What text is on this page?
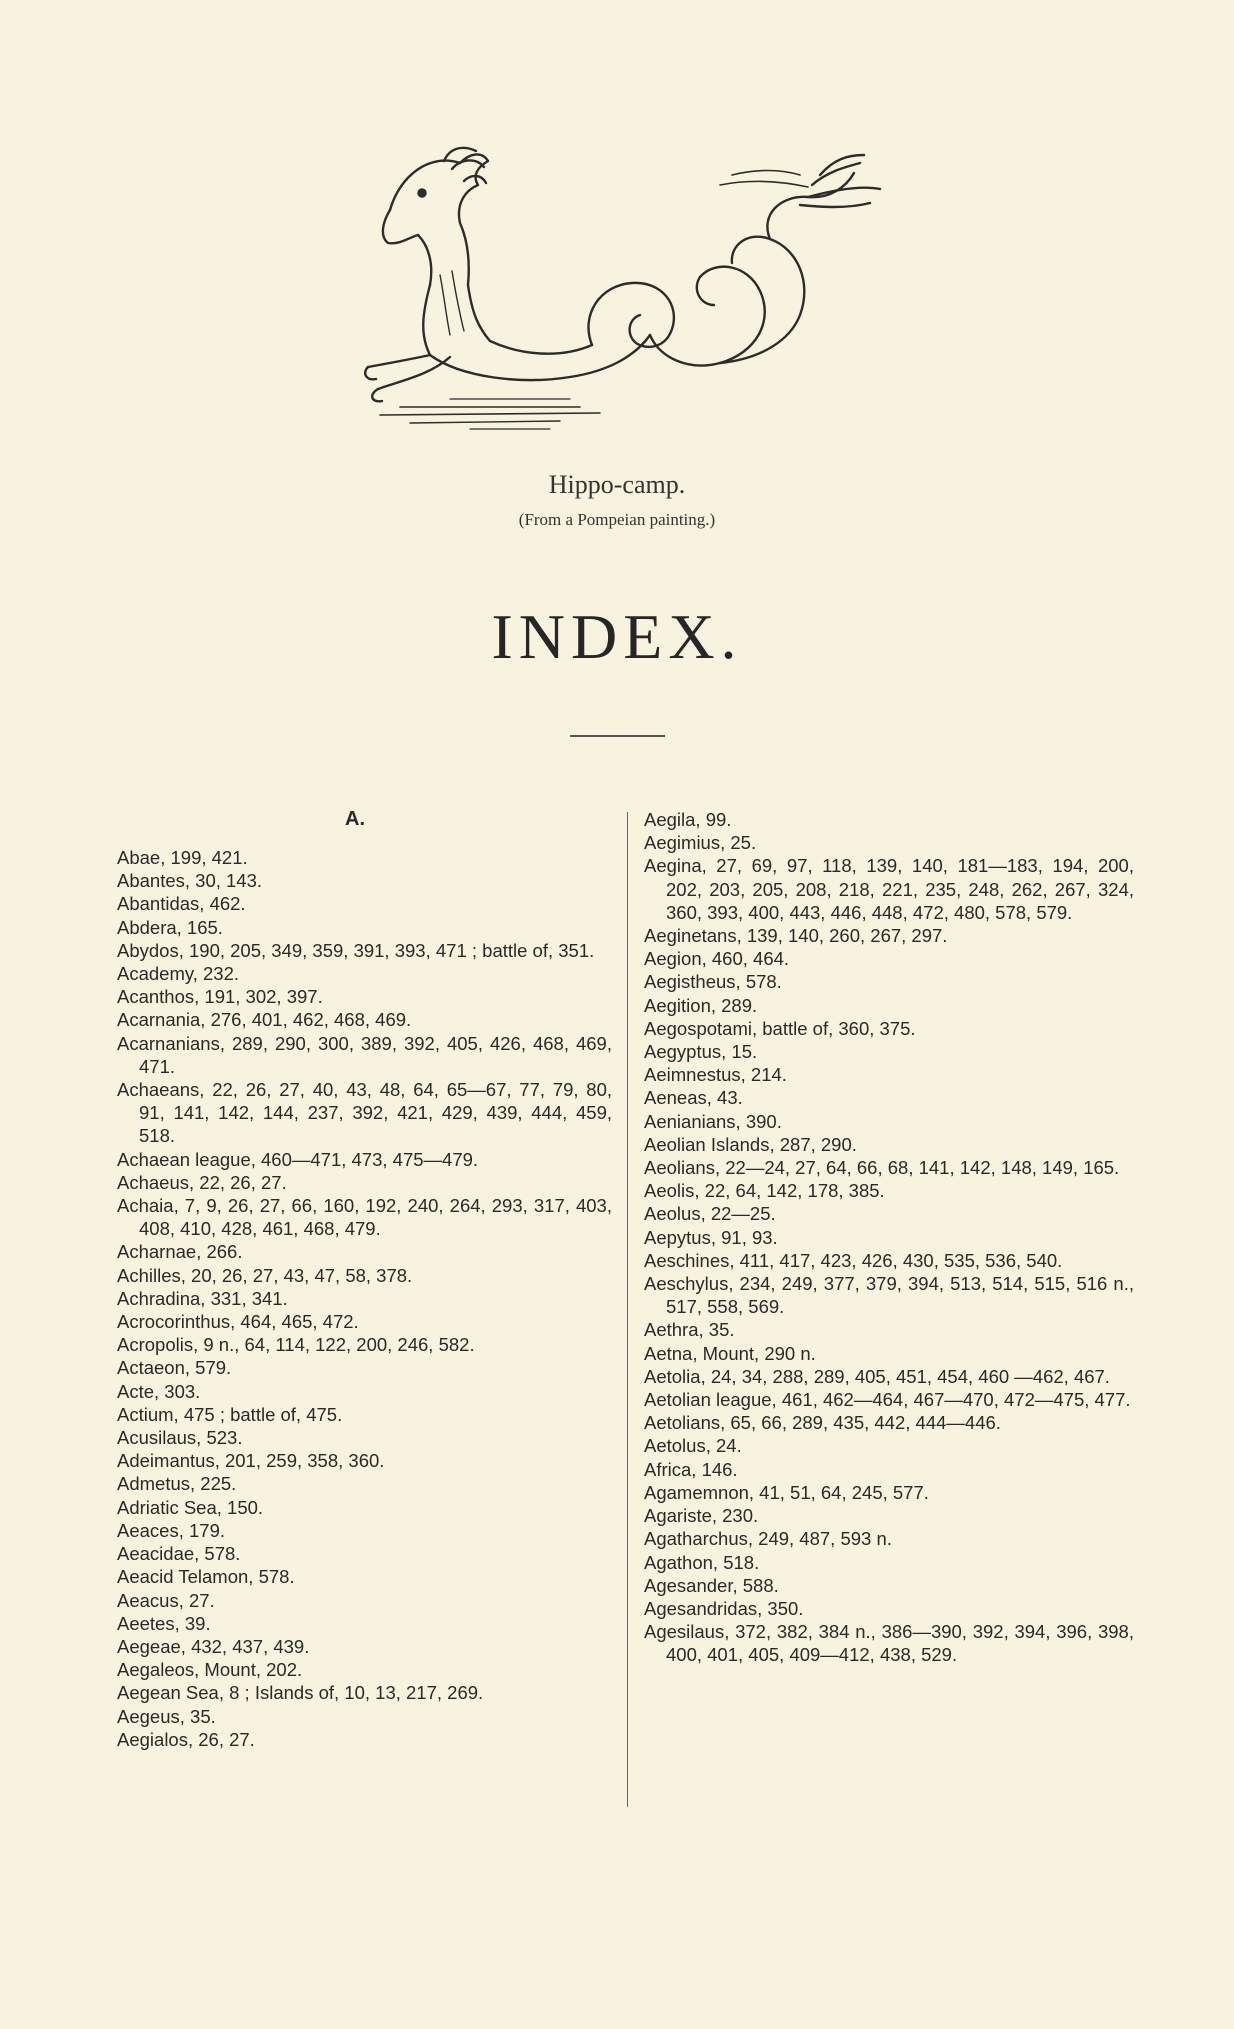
Hippo-camp.
(From a Pompeian painting.)
INDEX.
A.
Abae, 199, 421.
Abantes, 30, 143.
Abantidas, 462.
Abdera, 165.
Abydos, 190, 205, 349, 359, 391, 393, 471 ; battle of, 351.
Academy, 232.
Acanthos, 191, 302, 397.
Acarnania, 276, 401, 462, 468, 469.
Acarnanians, 289, 290, 300, 389, 392, 405, 426, 468, 469, 471.
Achaeans, 22, 26, 27, 40, 43, 48, 64, 65—67, 77, 79, 80, 91, 141, 142, 144, 237, 392, 421, 429, 439, 444, 459, 518.
Achaean league, 460—471, 473, 475—479.
Achaeus, 22, 26, 27.
Achaia, 7, 9, 26, 27, 66, 160, 192, 240, 264, 293, 317, 403, 408, 410, 428, 461, 468, 479.
Acharnae, 266.
Achilles, 20, 26, 27, 43, 47, 58, 378.
Achradina, 331, 341.
Acrocorinthus, 464, 465, 472.
Acropolis, 9 n., 64, 114, 122, 200, 246, 582.
Actaeon, 579.
Acte, 303.
Actium, 475 ; battle of, 475.
Acusilaus, 523.
Adeimantus, 201, 259, 358, 360.
Admetus, 225.
Adriatic Sea, 150.
Aeaces, 179.
Aeacidae, 578.
Aeacid Telamon, 578.
Aeacus, 27.
Aeetes, 39.
Aegeae, 432, 437, 439.
Aegaleos, Mount, 202.
Aegean Sea, 8 ; Islands of, 10, 13, 217, 269.
Aegeus, 35.
Aegialos, 26, 27.
Aegila, 99.
Aegimius, 25.
Aegina, 27, 69, 97, 118, 139, 140, 181—183, 194, 200, 202, 203, 205, 208, 218, 221, 235, 248, 262, 267, 324, 360, 393, 400, 443, 446, 448, 472, 480, 578, 579.
Aeginetans, 139, 140, 260, 267, 297.
Aegion, 460, 464.
Aegistheus, 578.
Aegition, 289.
Aegospotami, battle of, 360, 375.
Aegyptus, 15.
Aeimnestus, 214.
Aeneas, 43.
Aenianians, 390.
Aeolian Islands, 287, 290.
Aeolians, 22—24, 27, 64, 66, 68, 141, 142, 148, 149, 165.
Aeolis, 22, 64, 142, 178, 385.
Aeolus, 22—25.
Aepytus, 91, 93.
Aeschines, 411, 417, 423, 426, 430, 535, 536, 540.
Aeschylus, 234, 249, 377, 379, 394, 513, 514, 515, 516 n., 517, 558, 569.
Aethra, 35.
Aetna, Mount, 290 n.
Aetolia, 24, 34, 288, 289, 405, 451, 454, 460 —462, 467.
Aetolian league, 461, 462—464, 467—470, 472—475, 477.
Aetolians, 65, 66, 289, 435, 442, 444—446.
Aetolus, 24.
Africa, 146.
Agamemnon, 41, 51, 64, 245, 577.
Agariste, 230.
Agatharchus, 249, 487, 593 n.
Agathon, 518.
Agesander, 588.
Agesandridas, 350.
Agesilaus, 372, 382, 384 n., 386—390, 392, 394, 396, 398, 400, 401, 405, 409—412, 438, 529.
